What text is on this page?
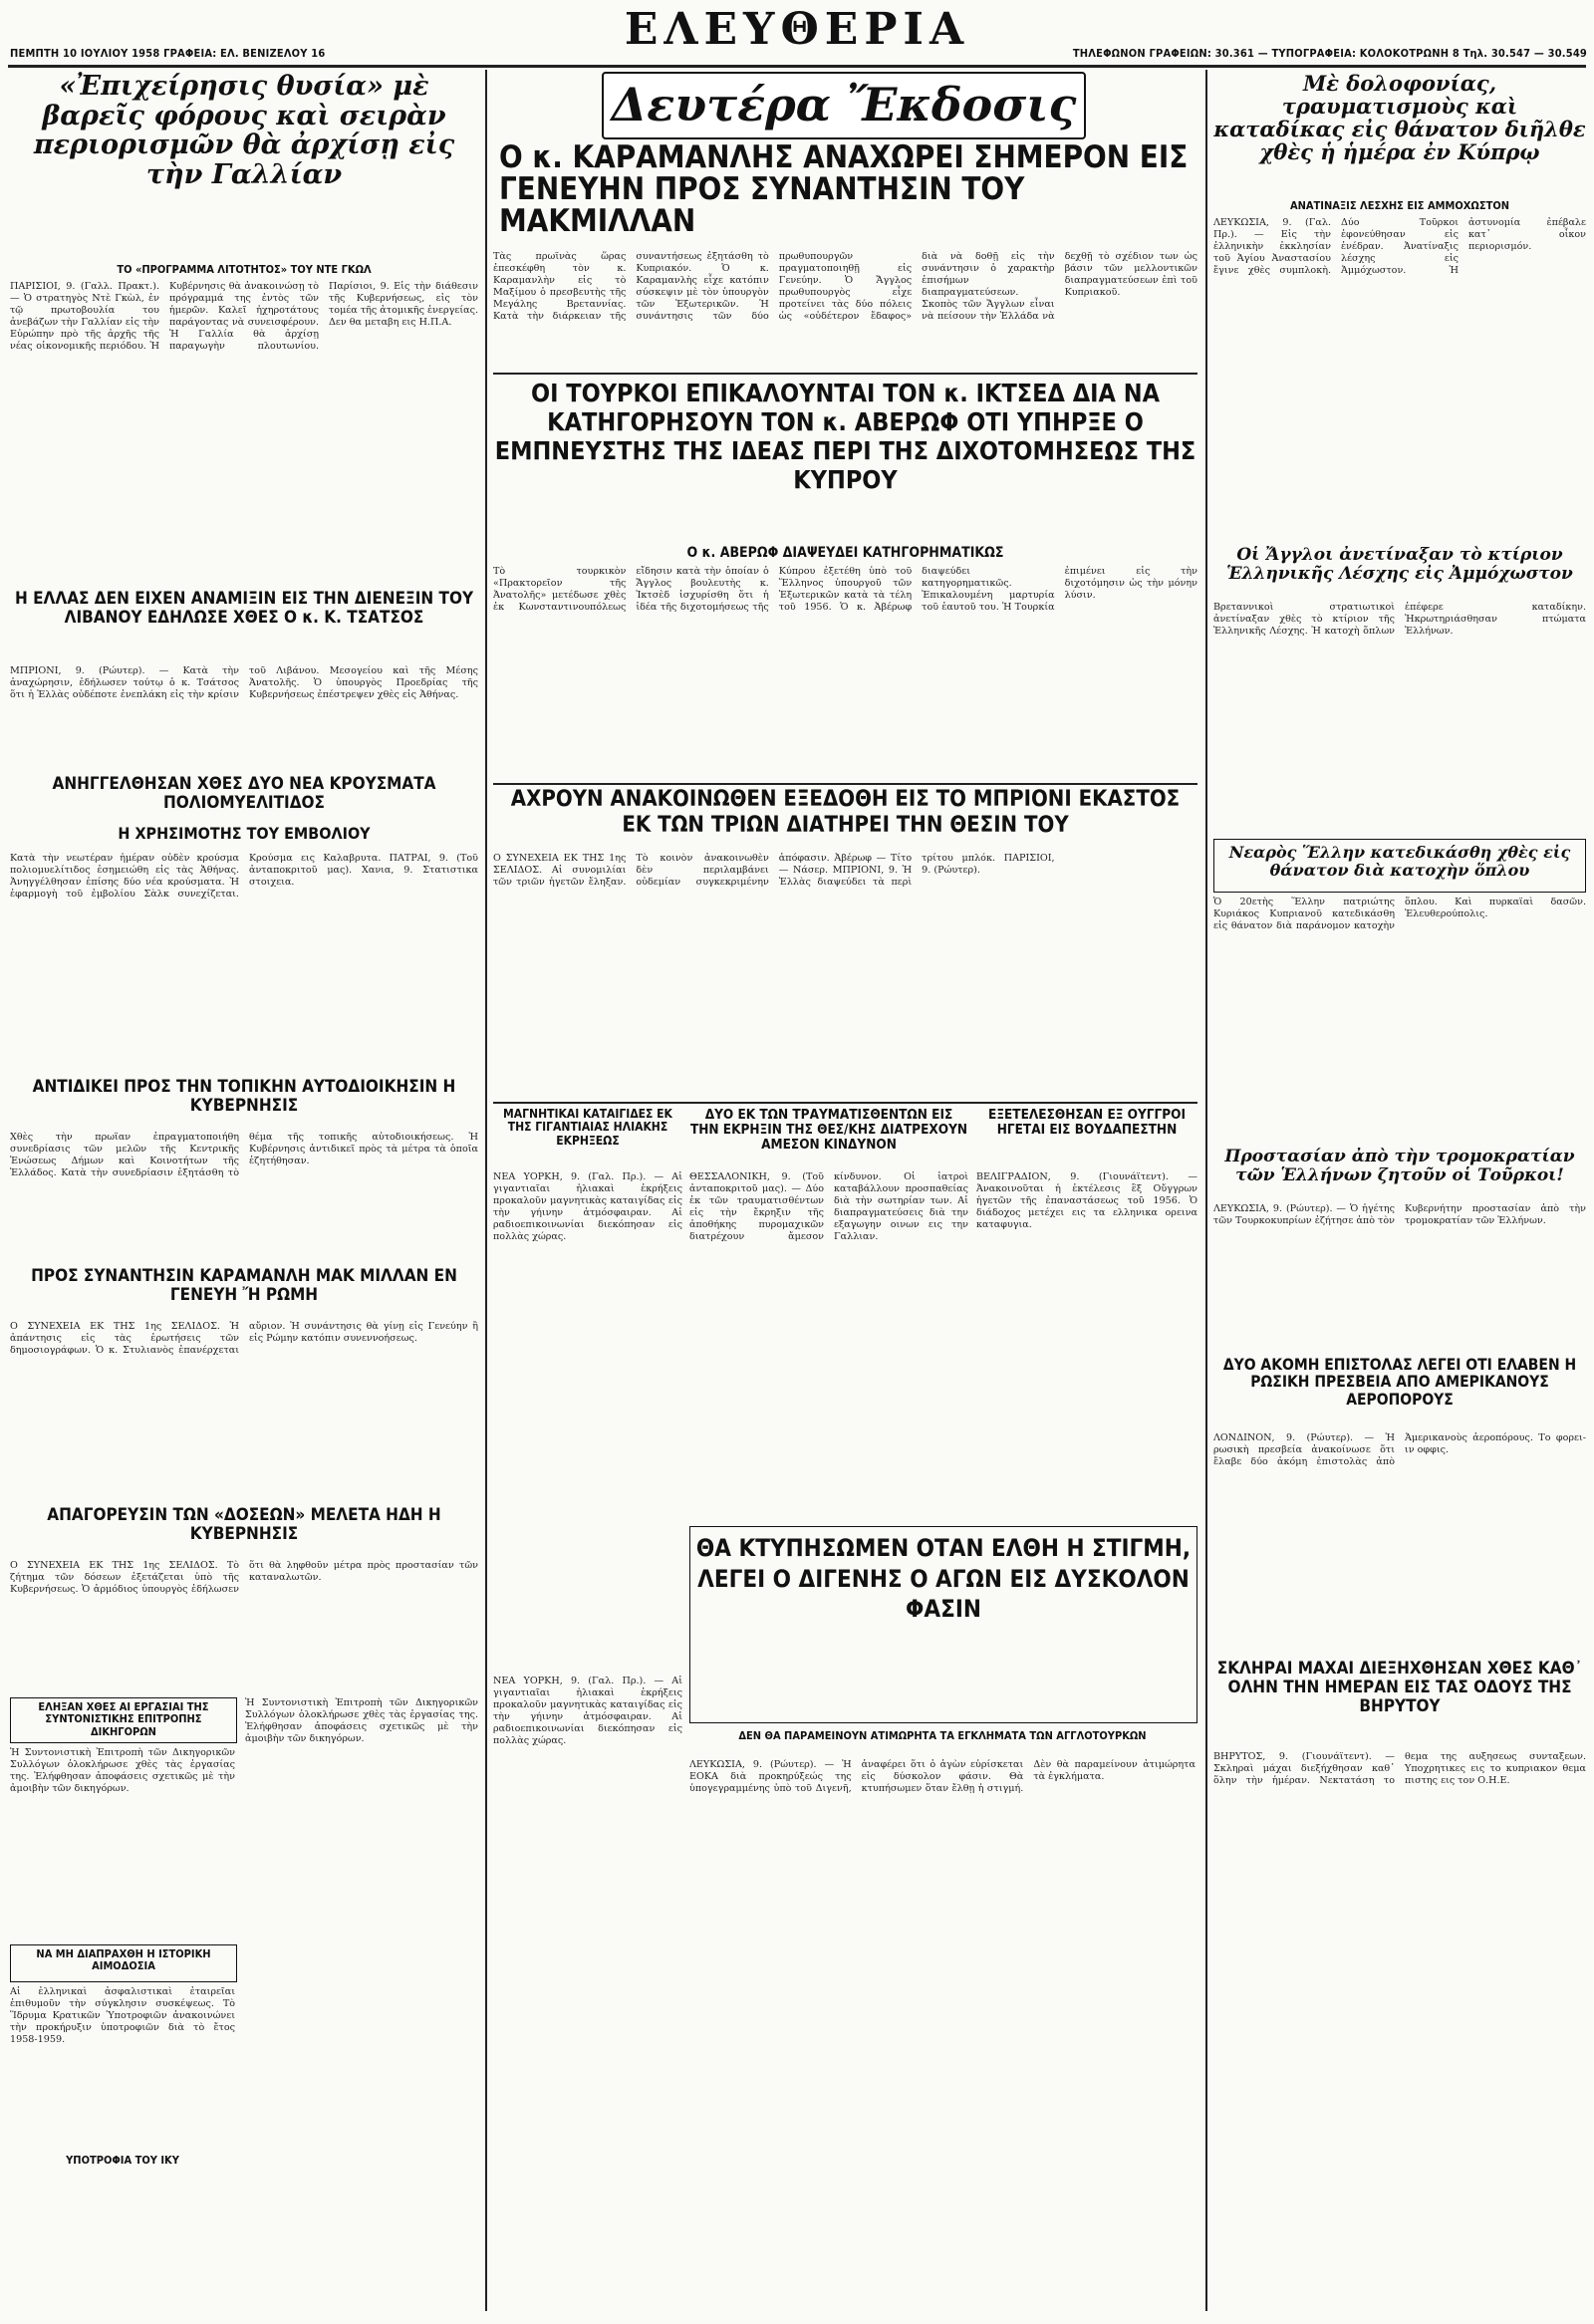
ΠΕΜΠΤΗ 10 ΙΟΥΛΙΟΥ 1958 ΓΡΑΦΕΙΑ: ΕΛ. ΒΕΝΙΖΕΛΟΥ 16	ΕΛΕΥΘΕΡΙΑ	ΤΗΛΕΦΩΝΟΝ ΓΡΑΦΕΙΩΝ: 30.361 — ΤΥΠΟΓΡΑΦΕΙΑ: ΚΟΛΟΚΟΤΡΩΝΗ 8 Τηλ. 30.547 — 30.549
«Ἐπιχείρησις θυσία» μὲ βαρεῖς φόρους καὶ σειρὰν περιορισμῶν θὰ ἀρχίσῃ εἰς τὴν Γαλλίαν
ΤΟ «ΠΡΟΓΡΑΜΜΑ ΛΙΤΟΤΗΤΟΣ» ΤΟΥ ΝΤΕ ΓΚΩΛ
ΠΑΡΙΣΙΟΙ, 9. (Γαλλ. Πρακτ.). — Ὁ στρατηγὸς Ντὲ Γκὼλ, ἐν τῷ πρωτοβουλία του ἀνεβάζων τὴν Γαλλίαν εἰς τὴν Εὐρώπην πρὸ τῆς ἀρχῆς τῆς νέας οἰκονομικῆς περιόδου. Ἡ Κυβέρνησις θὰ ἀνακοινώσῃ τὸ πρόγραμμά της ἐντὸς τῶν ἡμερῶν. Καλεῖ ἠχηροτάτους παράγοντας νὰ συνεισφέρουν. Ἡ Γαλλία θὰ ἀρχίσῃ παραγωγὴν πλουτωνίου. Παρίσιοι, 9. Εἰς τὴν διάθεσιν τῆς Κυβερνήσεως, εἰς τὸν τομέα τῆς ἀτομικῆς ἐνεργείας. Δεν θα μεταβη εις Η.Π.Α.
Η ΕΛΛΑΣ ΔΕΝ ΕΙΧΕΝ ΑΝΑΜΙΞΙΝ ΕΙΣ ΤΗΝ ΔΙΕΝΕΞΙΝ ΤΟΥ ΛΙΒΑΝΟΥ ΕΔΗΛΩΣΕ ΧΘΕΣ Ο κ. Κ. ΤΣΑΤΣΟΣ
ΜΠΡΙΟΝΙ, 9. (Ρώυτερ). — Κατὰ τὴν ἀναχώρησιν, ἐδήλωσεν τούτῳ ὁ κ. Τσάτσος ὅτι ἡ Ἑλλὰς οὐδέποτε ἐνεπλάκη εἰς τὴν κρίσιν τοῦ Λιβάνου. Μεσογείου καὶ τῆς Μέσης Ἀνατολῆς. Ὁ ὑπουργὸς Προεδρίας τῆς Κυβερνήσεως ἐπέστρεψεν χθὲς εἰς Ἀθήνας.
ΑΝΗΓΓΕΛΘΗΣΑΝ ΧΘΕΣ ΔΥΟ ΝΕΑ ΚΡΟΥΣΜΑΤΑ ΠΟΛΙΟΜΥΕΛΙΤΙΔΟΣ
Η ΧΡΗΣΙΜΟΤΗΣ ΤΟΥ ΕΜΒΟΛΙΟΥ
Κατὰ τὴν νεωτέραν ἡμέραν οὐδὲν κρούσμα πολιομυελίτιδος ἐσημειώθη εἰς τὰς Ἀθήνας. Ἀνηγγέλθησαν ἐπίσης δύο νέα κρούσματα. Ἡ ἐφαρμογὴ τοῦ ἐμβολίου Σὰλκ συνεχίζεται. Κρούσμα εις Καλαβρυτα. ΠΑΤΡΑΙ, 9. (Τοῦ ἀνταποκριτοῦ μας). Χανια, 9. Στατιστικα στοιχεια.
ΑΝΤΙΔΙΚΕΙ ΠΡΟΣ ΤΗΝ ΤΟΠΙΚΗΝ ΑΥΤΟΔΙΟΙΚΗΣΙΝ Η ΚΥΒΕΡΝΗΣΙΣ
Χθὲς τὴν πρωΐαν ἐπραγματοποιήθη συνεδρίασις τῶν μελῶν τῆς Κεντρικῆς Ἑνώσεως Δήμων καὶ Κοινοτήτων τῆς Ἑλλάδος. Κατὰ τὴν συνεδρίασιν ἐξητάσθη τὸ θέμα τῆς τοπικῆς αὐτοδιοικήσεως. Ἡ Κυβέρνησις ἀντιδικεῖ πρὸς τὰ μέτρα τὰ ὁποῖα ἐζητήθησαν.
ΠΡΟΣ ΣΥΝΑΝΤΗΣΙΝ ΚΑΡΑΜΑΝΛΗ ΜΑΚ ΜΙΛΛΑΝ ΕΝ ΓΕΝΕΥΗ Ἤ ΡΩΜΗ
Ο ΣΥΝΕΧΕΙΑ ΕΚ ΤΗΣ 1ης ΣΕΛΙΔΟΣ. Ἡ ἀπάντησις εἰς τὰς ἐρωτήσεις τῶν δημοσιογράφων. Ὁ κ. Στυλιανὸς ἐπανέρχεται αὔριον. Ἡ συνάντησις θὰ γίνῃ εἰς Γενεύην ἢ εἰς Ρώμην κατόπιν συνεννοήσεως.
ΑΠΑΓΟΡΕΥΣΙΝ ΤΩΝ «ΔΟΣΕΩΝ» ΜΕΛΕΤΑ ΗΔΗ Η ΚΥΒΕΡΝΗΣΙΣ
Ο ΣΥΝΕΧΕΙΑ ΕΚ ΤΗΣ 1ης ΣΕΛΙΔΟΣ. Τὸ ζήτημα τῶν δόσεων ἐξετάζεται ὑπὸ τῆς Κυβερνήσεως. Ὁ ἀρμόδιος ὑπουργὸς ἐδήλωσεν ὅτι θὰ ληφθοῦν μέτρα πρὸς προστασίαν τῶν καταναλωτῶν.
ΕΛΗΞΑΝ ΧΘΕΣ ΑΙ ΕΡΓΑΣΙΑΙ ΤΗΣ ΣΥΝΤΟΝΙΣΤΙΚΗΣ ΕΠΙΤΡΟΠΗΣ ΔΙΚΗΓΟΡΩΝ
Ἡ Συντονιστικὴ Ἐπιτροπὴ τῶν Δικηγορικῶν Συλλόγων ὁλοκλήρωσε χθὲς τὰς ἐργασίας της. Ἐλήφθησαν ἀποφάσεις σχετικῶς μὲ τὴν ἀμοιβὴν τῶν δικηγόρων.
ΝΑ ΜΗ ΔΙΑΠΡΑΧΘΗ Η ΙΣΤΟΡΙΚΗ ΑΙΜΟΔΟΣΙΑ
ΥΠΟΤΡΟΦΙΑ ΤΟΥ ΙΚΥ
Αἱ ἑλληνικαὶ ἀσφαλιστικαὶ ἐταιρεῖαι ἐπιθυμοῦν τὴν σύγκλησιν συσκέψεως. Τὸ Ἵδρυμα Κρατικῶν Ὑποτροφιῶν ἀνακοινώνει τὴν προκήρυξιν ὑποτροφιῶν διὰ τὸ ἔτος 1958-1959.
Ἡ Συντονιστικὴ Ἐπιτροπὴ τῶν Δικηγορικῶν Συλλόγων ὁλοκλήρωσε χθὲς τὰς ἐργασίας της. Ἐλήφθησαν ἀποφάσεις σχετικῶς μὲ τὴν ἀμοιβὴν τῶν δικηγόρων.
Δευτέρα Ἔκδοσις
Ο κ. ΚΑΡΑΜΑΝΛΗΣ ΑΝΑΧΩΡΕΙ ΣΗΜΕΡΟΝ ΕΙΣ ΓΕΝΕΥΗΝ ΠΡΟΣ ΣΥΝΑΝΤΗΣΙΝ ΤΟΥ ΜΑΚΜΙΛΛΑΝ
Τὰς πρωϊνὰς ὥρας ἐπεσκέφθη τὸν κ. Καραμανλὴν εἰς τὸ Μαξίμου ὁ πρεσβευτὴς τῆς Μεγάλης Βρεταννίας. Κατὰ τὴν διάρκειαν τῆς συναντήσεως ἐξητάσθη τὸ Κυπριακόν. Ὁ κ. Καραμανλὴς εἶχε κατόπιν σύσκεψιν μὲ τὸν ὑπουργὸν τῶν Ἐξωτερικῶν. Ἡ συνάντησις τῶν δύο πρωθυπουργῶν πραγματοποιηθῇ εἰς Γενεύην. Ὁ Ἄγγλος πρωθυπουργὸς εἶχε προτείνει τὰς δύο πόλεις ὡς «οὐδέτερον ἔδαφος» διὰ νὰ δοθῇ εἰς τὴν συνάντησιν ὁ χαρακτὴρ ἐπισήμων διαπραγματεύσεων. Σκοπὸς τῶν Ἄγγλων εἶναι νὰ πείσουν τὴν Ἑλλάδα νὰ δεχθῇ τὸ σχέδιον των ὡς βάσιν τῶν μελλοντικῶν διαπραγματεύσεων ἐπὶ τοῦ Κυπριακοῦ.
ΟΙ ΤΟΥΡΚΟΙ ΕΠΙΚΑΛΟΥΝΤΑΙ ΤΟΝ κ. ΙΚΤΣΕΔ ΔΙΑ ΝΑ ΚΑΤΗΓΟΡΗΣΟΥΝ ΤΟΝ κ. ΑΒΕΡΩΦ ΟΤΙ ΥΠΗΡΞΕ Ο ΕΜΠΝΕΥΣΤΗΣ ΤΗΣ ΙΔΕΑΣ ΠΕΡΙ ΤΗΣ ΔΙΧΟΤΟΜΗΣΕΩΣ ΤΗΣ ΚΥΠΡΟΥ
Ο κ. ΑΒΕΡΩΦ ΔΙΑΨΕΥΔΕΙ ΚΑΤΗΓΟΡΗΜΑΤΙΚΩΣ
Τὸ τουρκικὸν «Πρακτορεῖον τῆς Ἀνατολῆς» μετέδωσε χθὲς ἐκ Κωνσταντινουπόλεως εἴδησιν κατὰ τὴν ὁποίαν ὁ Ἄγγλος βουλευτὴς κ. Ἰκτσὲδ ἰσχυρίσθη ὅτι ἡ ἰδέα τῆς διχοτομήσεως τῆς Κύπρου ἐξετέθη ὑπὸ τοῦ Ἕλληνος ὑπουργοῦ τῶν Ἐξωτερικῶν κατὰ τὰ τέλη τοῦ 1956. Ὁ κ. Ἀβέρωφ διαψεύδει κατηγορηματικῶς. Ἐπικαλουμένη μαρτυρία τοῦ ἐαυτοῦ του. Ἡ Τουρκία ἐπιμένει εἰς τὴν διχοτόμησιν ὡς τὴν μόνην λύσιν.
ΑΧΡΟΥΝ ΑΝΑΚΟΙΝΩΘΕΝ ΕΞΕΔΟΘΗ ΕΙΣ ΤΟ ΜΠΡΙΟΝΙ ΕΚΑΣΤΟΣ ΕΚ ΤΩΝ ΤΡΙΩΝ ΔΙΑΤΗΡΕΙ ΤΗΝ ΘΕΣΙΝ ΤΟΥ
Ο ΣΥΝΕΧΕΙΑ ΕΚ ΤΗΣ 1ης ΣΕΛΙΔΟΣ. Αἱ συνομιλίαι τῶν τριῶν ἡγετῶν ἔληξαν. Τὸ κοινὸν ἀνακοινωθὲν δὲν περιλαμβάνει οὐδεμίαν συγκεκριμένην ἀπόφασιν. Ἀβέρωφ — Τίτο — Νάσερ. ΜΠΡΙΟΝΙ, 9. Ἡ Ἑλλὰς διαψεύδει τὰ περὶ τρίτου μπλόκ. ΠΑΡΙΣΙΟΙ, 9. (Ρώυτερ).
ΜΑΓΝΗΤΙΚΑΙ ΚΑΤΑΙΓΙΔΕΣ ΕΚ ΤΗΣ ΓΙΓΑΝΤΙΑΙΑΣ ΗΛΙΑΚΗΣ ΕΚΡΗΞΕΩΣ
ΝΕΑ ΥΟΡΚΗ, 9. (Γαλ. Πρ.). — Αἱ γιγαντιαῖαι ἡλιακαὶ ἐκρήξεις προκαλοῦν μαγνητικὰς καταιγίδας εἰς τὴν γήινην ἀτμόσφαιραν. Αἱ ραδιοεπικοινωνίαι διεκόπησαν εἰς πολλὰς χώρας.
ΔΥΟ ΕΚ ΤΩΝ ΤΡΑΥΜΑΤΙΣΘΕΝΤΩΝ ΕΙΣ ΤΗΝ ΕΚΡΗΞΙΝ ΤΗΣ ΘΕΣ/ΚΗΣ ΔΙΑΤΡΕΧΟΥΝ ΑΜΕΣΟΝ ΚΙΝΔΥΝΟΝ
ΘΕΣΣΑΛΟΝΙΚΗ, 9. (Τοῦ ἀνταποκριτοῦ μας). — Δύο ἐκ τῶν τραυματισθέντων εἰς τὴν ἔκρηξιν τῆς ἀποθήκης πυρομαχικῶν διατρέχουν ἄμεσον κίνδυνον. Οἱ ἰατροὶ καταβάλλουν προσπαθείας διὰ τὴν σωτηρίαν των. Αἱ διαπραγματεύσεις διὰ την εξαγωγην οινων εις την Γαλλιαν.
ΕΞΕΤΕΛΕΣΘΗΣΑΝ ΕΞ ΟΥΓΓΡΟΙ ΗΓΕΤΑΙ ΕΙΣ ΒΟΥΔΑΠΕΣΤΗΝ
ΒΕΛΙΓΡΑΔΙΟΝ, 9. (Γιουνάϊτεντ). — Ἀνακοινοῦται ἡ ἐκτέλεσις ἓξ Οὔγγρων ἡγετῶν τῆς ἐπαναστάσεως τοῦ 1956. Ὁ διάδοχος μετέχει εις τα ελληνικα ορεινα καταφυγια.
ΘΑ ΚΤΥΠΗΣΩΜΕΝ ΟΤΑΝ ΕΛΘΗ Η ΣΤΙΓΜΗ, ΛΕΓΕΙ Ο ΔΙΓΕΝΗΣ Ο ΑΓΩΝ ΕΙΣ ΔΥΣΚΟΛΟΝ ΦΑΣΙΝ
ΔΕΝ ΘΑ ΠΑΡΑΜΕΙΝΟΥΝ ΑΤΙΜΩΡΗΤΑ ΤΑ ΕΓΚΛΗΜΑΤΑ ΤΩΝ ΑΓΓΛΟΤΟΥΡΚΩΝ
ΛΕΥΚΩΣΙΑ, 9. (Ρώυτερ). — Ἡ ΕΟΚΑ διὰ προκηρύξεώς της ὑπογεγραμμένης ὑπὸ τοῦ Διγενῆ, ἀναφέρει ὅτι ὁ ἀγὼν εὑρίσκεται εἰς δύσκολον φάσιν. Θὰ κτυπήσωμεν ὅταν ἔλθῃ ἡ στιγμή. Δὲν θὰ παραμείνουν ἀτιμώρητα τὰ ἐγκλήματα.
ΝΕΑ ΥΟΡΚΗ, 9. (Γαλ. Πρ.). — Αἱ γιγαντιαῖαι ἡλιακαὶ ἐκρήξεις προκαλοῦν μαγνητικὰς καταιγίδας εἰς τὴν γήινην ἀτμόσφαιραν. Αἱ ραδιοεπικοινωνίαι διεκόπησαν εἰς πολλὰς χώρας.
Μὲ δολοφονίας, τραυματισμοὺς καὶ καταδίκας εἰς θάνατον διῆλθε χθὲς ἡ ἡμέρα ἐν Κύπρῳ
ΑΝΑΤΙΝΑΞΙΣ ΛΕΣΧΗΣ ΕΙΣ ΑΜΜΟΧΩΣΤΟΝ
ΛΕΥΚΩΣΙΑ, 9. (Γαλ. Πρ.). — Εἰς τὴν ἑλληνικὴν ἐκκλησίαν τοῦ Ἁγίου Ἀναστασίου ἔγινε χθὲς συμπλοκὴ. Δύο Τοῦρκοι ἐφονεύθησαν εἰς ἐνέδραν. Ἀνατίναξις λέσχης εἰς Ἀμμόχωστον. Ἡ ἀστυνομία ἐπέβαλε κατ᾽ οἶκον περιορισμόν.
Οἱ Ἄγγλοι ἀνετίναξαν τὸ κτίριον Ἑλληνικῆς Λέσχης εἰς Ἀμμόχωστον
Βρεταννικοὶ στρατιωτικοὶ ἀνετίναξαν χθὲς τὸ κτίριον τῆς Ἑλληνικῆς Λέσχης. Ἡ κατοχὴ ὅπλων ἐπέφερε καταδίκην. Ἠκρωτηριάσθησαν πτώματα Ἑλλήνων.
Νεαρὸς Ἕλλην κατεδικάσθη χθὲς εἰς θάνατον διὰ κατοχὴν ὅπλου
Ὁ 20ετὴς Ἕλλην πατριώτης Κυριάκος Κυπριανοῦ κατεδικάσθη εἰς θάνατον διὰ παράνομον κατοχὴν ὅπλου. Καὶ πυρκαϊαὶ δασῶν. Ἐλευθερούπολις.
Προστασίαν ἀπὸ τὴν τρομοκρατίαν τῶν Ἑλλήνων ζητοῦν οἱ Τοῦρκοι!
ΛΕΥΚΩΣΙΑ, 9. (Ρώυτερ). — Ὁ ἡγέτης τῶν Τουρκοκυπρίων ἐζήτησε ἀπὸ τὸν Κυβερνήτην προστασίαν ἀπὸ τὴν τρομοκρατίαν τῶν Ἑλλήνων.
ΔΥΟ ΑΚΟΜΗ ΕΠΙΣΤΟΛΑΣ ΛΕΓΕΙ ΟΤΙ ΕΛΑΒΕΝ Η ΡΩΣΙΚΗ ΠΡΕΣΒΕΙΑ ΑΠΟ ΑΜΕΡΙΚΑΝΟΥΣ ΑΕΡΟΠΟΡΟΥΣ
ΛΟΝΔΙΝΟΝ, 9. (Ρώυτερ). — Ἡ ρωσικὴ πρεσβεία ἀνακοίνωσε ὅτι ἔλαβε δύο ἀκόμη ἐπιστολὰς ἀπὸ Ἀμερικανοὺς ἀεροπόρους. Το φορει-ιν οφφις.
ΣΚΛΗΡΑΙ ΜΑΧΑΙ ΔΙΕΞΗΧΘΗΣΑΝ ΧΘΕΣ ΚΑΘ᾽ ΟΛΗΝ ΤΗΝ ΗΜΕΡΑΝ ΕΙΣ ΤΑΣ ΟΔΟΥΣ ΤΗΣ ΒΗΡΥΤΟΥ
ΒΗΡΥΤΟΣ, 9. (Γιουνάϊτεντ). — Σκληραὶ μάχαι διεξήχθησαν καθ᾽ ὅλην τὴν ἡμέραν. Νεκτατάση το θεμα της αυξησεως συνταξεων. Υποχρητικες εις το κυπριακον θεμα πιστης εις τον Ο.Η.Ε.
